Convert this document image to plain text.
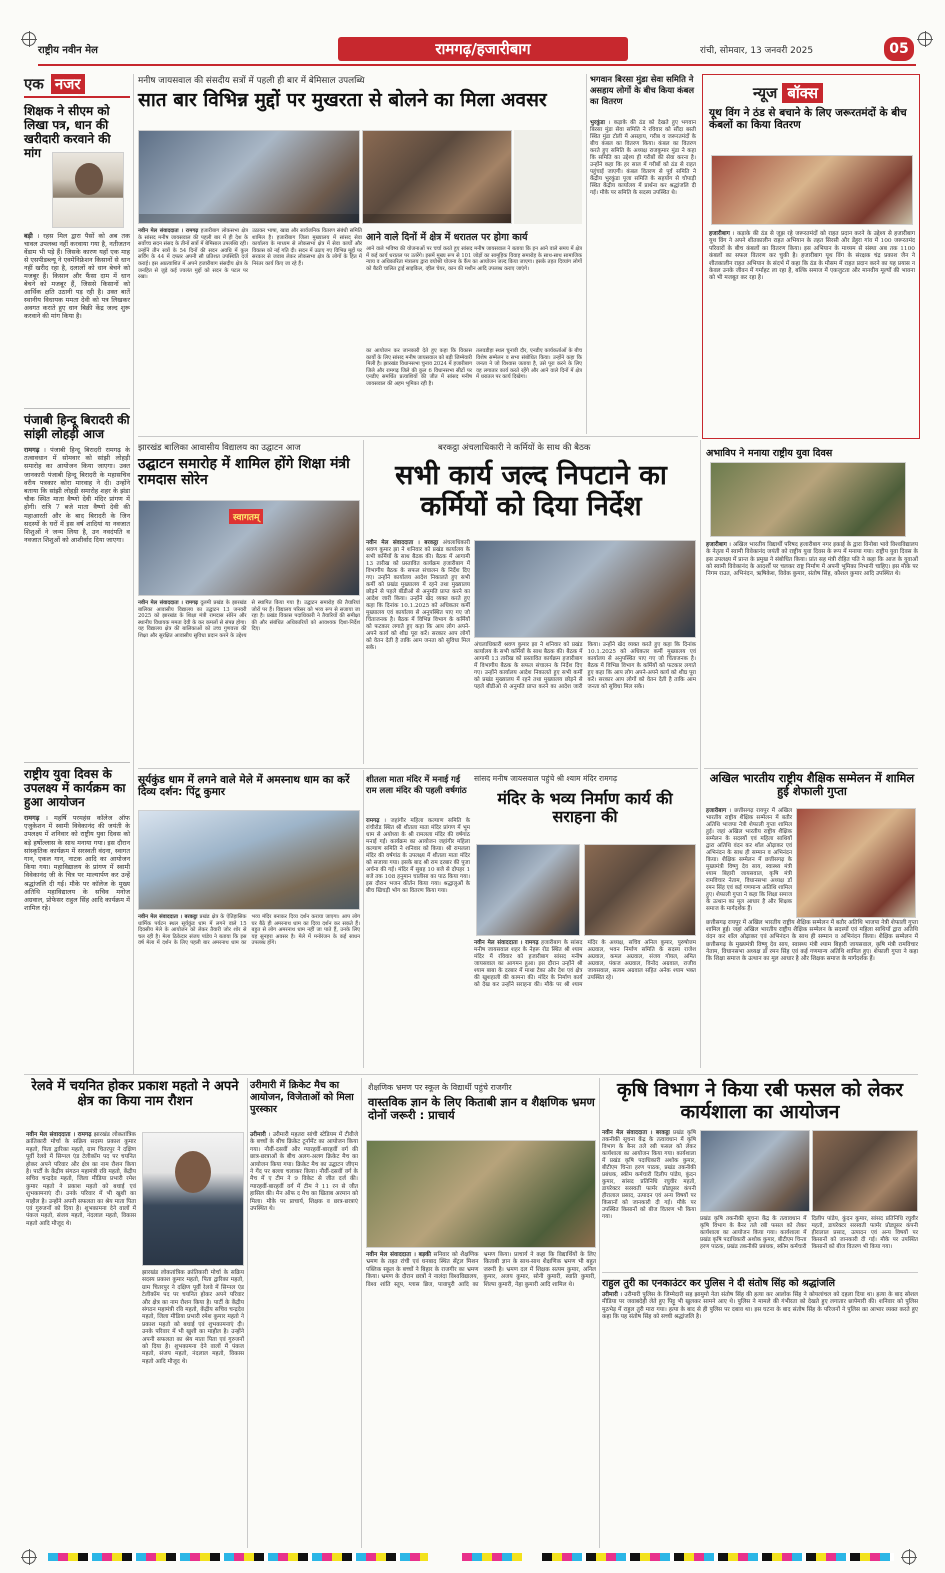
राष्ट्रीय नवीन मेल	रामगढ़/हजारीबाग	रांची, सोमवार, 13 जनवरी 2025	05
एक नजर
शिक्षक ने सीएम को लिखा पत्र, धान की खरीदारी करवाने की मांग
बड़ी । रहस मिल द्वारा पैसों को अब तक चावल उपलब्ध नहीं करवाया गया है, नतीजतन वेंडाम भी पड़े हैं। जिसके कारण यहाँ एक माह से एसपीडब्ल्यू ने एवमेनिफ्रेशन किसानों से धान नहीं खरीद रहा है, दलालों को धान बेचने को मजबूर हैं। किसान और फैंसा दाम में धान बेचने को मजबूर हैं, जिससे किसानों को आर्थिक क्षति उठानी पड़ रही है। उक्त बातें स्थानीय विधायक ममता देवी को पत्र लिखकर अवगत कराते हुए धान बिक्री केंद्र जल्द शुरू करवाने की मांग किया है।
पंजाबी हिन्दू बिरादरी की सांझी लोहड़ी आज
रामगढ़ । पंजाबी हिन्दू बिरादरी रामगढ़ के तत्वावधान में सोमवार को सांझी लोहड़ी समारोह का आयोजन किया जाएगा। उक्त जानकारी पंजाबी हिन्दू बिरादरी के महासचिव वरीय पत्रकार कोरा मारवाह ने दी। उन्होंने बताया कि सांझी लोहड़ी समारोह शहर के झंडा चौक स्थित माता वैष्णो देवी मंदिर प्रांगण में होगी। रात्रि 7 बजे माता वैष्णो देवी की महाआरती और के बाद बिरादरी के जिन सदस्यों के घरों में इस वर्ष शादियां या नवजात शिशुओं ने जन्म लिया है, उन नवदंपति व नवजात शिशुओं को आशीर्वाद दिया जाएगा।
राष्ट्रीय युवा दिवस के उपलक्ष्य में कार्यक्रम का हुआ आयोजन
रामगढ़ । महर्षि परमहंस कॉलेज ऑफ एजुकेशन में स्वामी विवेकानंद की जयंती के उपलक्ष्य में शनिवार को राष्ट्रीय युवा दिवस को बड़े हर्षोल्लास के साथ मनाया गया। इस दौरान सांस्कृतिक कार्यक्रम में सरस्वती वंदना, स्वागत गान, एकल गान, नाटक आदि का आयोजन किया गया। महाविद्यालय के प्रांगण में स्वामी विवेकानंद जी के चित्र पर माल्यार्पण कर उन्हें श्रद्धांजलि दी गई। मौके पर कॉलेज के मुख्य अतिथि महाविद्यालय के सचिव मनोज अग्रवाल, प्रोफेसर राहुल सिंह आदि कार्यक्रम में शामिल रहे।
मनीष जायसवाल की संसदीय सत्रों में पहली ही बार में बेमिसाल उपलब्धि
सात बार विभिन्न मुद्दों पर मुखरता से बोलने का मिला अवसर
नवीन मेल संवाददाता । रामगढ़ हजारीबाग लोकसभा क्षेत्र के सांसद मनीष जायसवाल की पहली बार में ही देश के सर्वोच्च सदन संसद के तीनों सत्रों में बेमिसाल उपलब्धि रही। उन्होंने तीन सत्रों के 54 दिनों की सदन अवधि में कुल सर्विंग के 44 में दफ्तर अपनी सौ प्रतिशत उपस्थिति दर्ज कराई। इस अप्रत्याशित में अपने हजारीबाग संसदीय क्षेत्र के जनहित से जुड़े कई ज्वलंत मुद्दों को सदन के पटल पर रखा।
उठाकर भाषा, खाद्य और सार्वजनिक वितरण संबंधी समिति शामिल है। हजारीबाग जिला मुख्यालय में सांसद सेवा कार्यालय के माध्यम से लोकसभा क्षेत्र में सेवा कार्यों और विकास को नई गति दी। सदन में उठाए गए विभिन्न मुद्दों पर सरकार से जवाब लेकर लोकसभा क्षेत्र के लोगों के हित में निरंतर कार्य किए जा रहे हैं।
आने वाले दिनों में क्षेत्र में धरातल पर होगा कार्य
आने वाले भविष्य की योजनाओं पर चर्चा करते हुए सांसद मनीष जायसवाल ने बताया कि इन आने वाले समय में क्षेत्र में कई कार्य धरातल पर उतरेंगे। इसमें मुख्य रूप से 101 जोड़ों का सामूहिक विवाह समारोह के साथ-साथ सामाजिक न्याय व अधिकारिता मंत्रालय द्वारा वयोश्री योजना के कैंप का आयोजन जल्द किया जाएगा। इसके तहत दिव्यांग लोगों को बैटरी चालित ट्राई साइकिल, व्हील चेयर, कान की मशीन आदि उपलब्ध कराए जाएंगे।
का आयोजन कर जानकारी देते हुए कहा कि विकास कार्यों के लिए सांसद मनीष जायसवाल को बड़ी जिम्मेवारी मिली है। झारखंड विधानसभा चुनाव 2024 में हजारीबाग जिले और रामगढ़ जिले की कुल 6 विधानसभा सीटों पर एनडीए समर्थित प्रत्याशियों की जीत में सांसद मनीष जायसवाल की अहम भूमिका रही है।
तलवडीहा स्थल चुनावी दौर, एनडीए कार्यकर्ताओं के बीच विशेष सम्मेलन व सभा संबोधित किया। उन्होंने कहा कि जनता ने जो विश्वास जताया है, उसे पूरा करने के लिए वह लगातार कार्य करते रहेंगे और आने वाले दिनों में क्षेत्र में धरातल पर कार्य दिखेगा।
भगवान बिरसा मुंडा सेवा समिति ने असहाय लोगों के बीच किया कंबल का वितरण
भुरकुंडा । कड़ाके की ठंड को देखते हुए भगवान बिरसा मुंडा सेवा समिति ने रविवार को सौंदा बस्ती स्थित मुंडा टोली में असहाय, गरीब व जरूरतमंदों के बीच कंबल का वितरण किया। कंबल का वितरण करते हुए समिति के अध्यक्ष राजकुमार मुंडा ने कहा कि समिति का उद्देश्य ही गरीबों की सेवा करना है। उन्होंने कहा कि हर साल में गरीबों को ठंड से राहत पहुंचाई जाएगी। कंबल वितरण से पूर्व समिति ने केंद्रीय भुरकुंडा पूजा समिति के सहयोग से चोपाड़ी स्थित केंद्रीय कार्यालय में प्रार्थना कर श्रद्धांजलि दी गई। मौके पर समिति के सदस्य उपस्थित थे।
न्यूज बॉक्स
यूथ विंग ने ठंड से बचाने के लिए जरूरतमंदों के बीच कंबलों का किया वितरण
हजारीबाग । कड़ाके की ठंड से जूझ रहे जरूरतमंदों को राहत प्रदान करने के उद्देश्य से हजारीबाग यूथ विंग ने अपने शीतकालीन राहत अभियान के तहत सिरसी और डेंहुरा गांव में 100 जरूरतमंद परिवारों के बीच कंबलों का वितरण किया। इस अभियान के माध्यम से संस्था अब तक 1100 कंबलों का सफल वितरण कर चुकी है। हजारीबाग यूथ विंग के संरक्षक चंद्र प्रकाश जैन ने शीतकालीन राहत अभियान के संदर्भ में कहा कि ठंड के मौसम में राहत प्रदान करने का यह प्रयास न केवल उनके जीवन में गर्माहट ला रहा है, बल्कि समाज में एकजुटता और मानवीय मूल्यों की भावना को भी मजबूत कर रहा है।
अभाविप ने मनाया राष्ट्रीय युवा दिवस
हजारीबाग । अखिल भारतीय विद्यार्थी परिषद हजारीबाग नगर इकाई के द्वारा विनोबा भावे विश्वविद्यालय के नेतृत्व में स्वामी विवेकानंद जयंती को राष्ट्रीय युवा दिवस के रूप में मनाया गया। राष्ट्रीय युवा दिवस के इस उपलक्ष्य में प्रान्त के प्रमुख ने संबोधित किया। प्रांत सह मंत्री रोहित पति ने कहा कि आज के युवाओं को स्वामी विवेकानंद के आदर्शों पर चलकर राष्ट्र निर्माण में अपनी भूमिका निभानी चाहिए। इस मौके पर निगम राउत, अभिनंदन, ऋषिकेश, विवेक कुमार, संतोष सिंह, कौशल कुमार आदि उपस्थित थे।
झारखंड बालिका आवासीय विद्यालय का उद्घाटन आज
उद्घाटन समारोह में शामिल होंगे शिक्षा मंत्री रामदास सोरेन
स्वागतम्
नवीन मेल संवाददाता । रामगढ़ दुलमी प्रखंड के झारखंड बालिका आवासीय विद्यालय का उद्घाटन 13 जनवरी 2025 को झारखंड के शिक्षा मंत्री रामदास सोरेन और स्थानीय विधायक ममता देवी के कर कमलों से संपन्न होगा। यह विद्यालय क्षेत्र की बालिकाओं को उच्च गुणवत्ता की शिक्षा और सुरक्षित आवासीय सुविधा प्रदान करने के उद्देश्य से स्थापित किया गया है। उद्घाटन समारोह की तैयारियां जोरों पर हैं। विद्यालय परिसर को भव्य रूप से सजाया जा रहा है। प्रखंड विकास पदाधिकारी ने तैयारियों की समीक्षा की और संबंधित अधिकारियों को आवश्यक दिशा-निर्देश दिए।
बरकट्ठा अंचलाधिकारी ने कर्मियों के साथ की बैठक
सभी कार्य जल्द निपटाने का कर्मियों को दिया निर्देश
नवीन मेल संवाददाता । बरकट्ठा अंचलाधिकारी श्रवण कुमार झा ने शनिवार को प्रखंड कार्यालय के सभी कर्मियों के साथ बैठक की। बैठक में आगामी 13 तारीख को प्रस्तावित कार्यक्रम हजारीबाग में विभागीय बैठक के सफल संचालन के निर्देश दिए गए। उन्होंने कार्यालय आदेश निकालते हुए सभी कर्मी को प्रखंड मुख्यालय में रहने तथा मुख्यालय छोड़ने से पहले बीडीओ से अनुमति प्राप्त करने का आदेश जारी किया। उन्होंने खेद व्यक्त करते हुए कहा कि दिनांक 10.1.2025 को अधिकतर कर्मी मुख्यालय एवं कार्यालय से अनुपस्थित पाए गए जो चिंताजनक है। बैठक में विभिन्न विभाग के कर्मियों को फटकार लगाते हुए कहा कि आप लोग अपने-अपने कार्य को शीघ्र पूरा करें। सरकार आप लोगों को वेतन देती है ताकि आम जनता को सुविधा मिल सके।	अंचलाधिकारी श्रवण कुमार झा ने शनिवार को प्रखंड कार्यालय के सभी कर्मियों के साथ बैठक की। बैठक में आगामी 13 तारीख को प्रस्तावित कार्यक्रम हजारीबाग में विभागीय बैठक के सफल संचालन के निर्देश दिए गए। उन्होंने कार्यालय आदेश निकालते हुए सभी कर्मी को प्रखंड मुख्यालय में रहने तथा मुख्यालय छोड़ने से पहले बीडीओ से अनुमति प्राप्त करने का आदेश जारी किया। उन्होंने खेद व्यक्त करते हुए कहा कि दिनांक 10.1.2025 को अधिकतर कर्मी मुख्यालय एवं कार्यालय से अनुपस्थित पाए गए जो चिंताजनक है। बैठक में विभिन्न विभाग के कर्मियों को फटकार लगाते हुए कहा कि आप लोग अपने-अपने कार्य को शीघ्र पूरा करें। सरकार आप लोगों को वेतन देती है ताकि आम जनता को सुविधा मिल सके।
सूर्यकुंड धाम में लगने वाले मेले में अमस्नाथ धाम का करें दिव्य दर्शन: पिंटू कुमार
नवीन मेल संवाददाता । बरकट्ठा प्रखंड क्षेत्र के ऐतिहासिक धार्मिक पर्यटन स्थल सूर्यकुंड धाम में लगने वाले 15 दिवसीय मेले के आयोजन को लेकर तैयारी जोर शोर से चल रही है। मेला ठिकेदार संजय पांडेय ने बताया कि इस वर्ष मेला में दर्शन के लिए पहली बार अमरनाथ धाम का भव्य मंदिर बनाकर दिव्य दर्शन कराया जाएगा। आप लोग घर बैठे ही अमरनाथ धाम का दिव्य दर्शन कर सकते हैं। बहुत से लोग अमरनाथ धाम नहीं जा पाते हैं, उनके लिए यह सुनहरा अवसर है। मेले में मनोरंजन के कई साधन उपलब्ध होंगे।
शीतला माता मंदिर में मनाई गई राम लला मंदिर की पहली वर्षगांठ
रामगढ़ । जहांगीर महिला कल्याण समिति के रांचीरोड स्थित श्री शीतला माता मंदिर प्रांगण में भूम धाम से अयोध्या के श्री रामलला मंदिर की वर्षगांठ मनाई गई। कार्यक्रम का आयोजन जहांगीर महिला कल्याण समिति ने शनिवार को किया। श्री रामलला मंदिर की वर्षगांठ के उपलक्ष्य में शीतला माता मंदिर को सजाया गया। इसके बाद श्री राम दरबार की पूजा अर्चना की गई। मंदिर में सुबह 10 बजे से दोपहर 1 बजे तक 108 हनुमान चालीसा का पाठ किया गया। इस दौरान भजन कीर्तन किया गया। श्रद्धालुओं के बीच खिचड़ी भोग का वितरण किया गया।
सांसद मनीष जायसवाल पहुंचे श्री श्याम मंदिर रामगढ़
मंदिर के भव्य निर्माण कार्य की सराहना की
नवीन मेल संवाददाता । रामगढ़ हजारीबाग के सांसद मनीष जायसवाल शहर के नेहरू रोड स्थित श्री श्याम मंदिर में रविवार को हजारीबाग सांसद मनीष जायसवाल का आगमन हुआ। इस दौरान उन्होंने श्री श्याम बाबा के दरबार में माथा टेका और देश एवं क्षेत्र की खुशहाली की कामना की। मंदिर के निर्माण कार्य को देख कर उन्होंने सराहना की। मौके पर श्री श्याम मंदिर के अध्यक्ष, सचिव अनिल कुमार, पुरुषोत्तम अग्रवाल, भवन निर्माण समिति के सदस्य राजेश अग्रवाल, कमल अग्रवाल, संजय गोयल, अमित अग्रवाल, पंकज अग्रवाल, विनोद अग्रवाल, राजीव जायसवाल, सत्यम अग्रवाल सहित अनेक श्याम भक्त उपस्थित रहे।
अखिल भारतीय राष्ट्रीय शैक्षिक सम्मेलन में शामिल हुई शेफाली गुप्ता
हजारीबाग । छत्तीसगढ़ रायपुर में अखिल भारतीय राष्ट्रीय शैक्षिक सम्मेलन में बतौर अतिथि भाजपा नेत्री शेफाली गुप्ता शामिल हुई। जहां अखिल भारतीय राष्ट्रीय शैक्षिक सम्मेलन के सदस्यों एवं महिला साथियों द्वारा अतिथि वंदन कर शॉल ओढ़ाकर एवं अभिनंदन के साथ ही सम्मान व अभिनंदन किया। शैक्षिक सम्मेलन में छत्तीसगढ़ के मुख्यमंत्री विष्णु देव साय, स्वास्थ्य मंत्री श्याम बिहारी जायसवाल, कृषि मंत्री रामविचार नेताम, विधानसभा अध्यक्ष डॉ रमन सिंह एवं कई गणमान्य अतिथि शामिल हुए। शेफाली गुप्ता ने कहा कि शिक्षा समाज के उत्थान का मूल आधार है और शिक्षक समाज के मार्गदर्शक हैं।
छत्तीसगढ़ रायपुर में अखिल भारतीय राष्ट्रीय शैक्षिक सम्मेलन में बतौर अतिथि भाजपा नेत्री शेफाली गुप्ता शामिल हुई। जहां अखिल भारतीय राष्ट्रीय शैक्षिक सम्मेलन के सदस्यों एवं महिला साथियों द्वारा अतिथि वंदन कर शॉल ओढ़ाकर एवं अभिनंदन के साथ ही सम्मान व अभिनंदन किया। शैक्षिक सम्मेलन में छत्तीसगढ़ के मुख्यमंत्री विष्णु देव साय, स्वास्थ्य मंत्री श्याम बिहारी जायसवाल, कृषि मंत्री रामविचार नेताम, विधानसभा अध्यक्ष डॉ रमन सिंह एवं कई गणमान्य अतिथि शामिल हुए। शेफाली गुप्ता ने कहा कि शिक्षा समाज के उत्थान का मूल आधार है और शिक्षक समाज के मार्गदर्शक हैं।
रेलवे में चयनित होकर प्रकाश महतो ने अपने क्षेत्र का किया नाम रौशन
नवीन मेल संवाददाता । रामगढ़ झारखंड लोकतांत्रिक क्रांतिकारी मोर्चा के सक्रिय सदस्य प्रकाश कुमार महतो, पिता द्वारिका महतो, ग्राम चितरपुर ने दक्षिण पूर्वी रेलवे में सिग्नल एंड टेलीकॉम पद पर चयनित होकर अपने परिवार और क्षेत्र का नाम रौशन किया है। पार्टी के केंद्रीय संगठन महामंत्री रवि महतो, केंद्रीय सचिव चन्द्रदेव महतो, जिला मीडिया प्रभारी रमेश कुमार महतो ने प्रकाश महतो को बधाई एवं शुभकामनाएं दी। उनके परिवार में भी खुशी का माहौल है। उन्होंने अपनी सफलता का श्रेय माता पिता एवं गुरुजनों को दिया है। शुभकामना देने वालों में पंकज महतो, संजय महतो, नंदलाल महतो, विकास महतो आदि मौजूद थे।
झारखंड लोकतांत्रिक क्रांतिकारी मोर्चा के सक्रिय सदस्य प्रकाश कुमार महतो, पिता द्वारिका महतो, ग्राम चितरपुर ने दक्षिण पूर्वी रेलवे में सिग्नल एंड टेलीकॉम पद पर चयनित होकर अपने परिवार और क्षेत्र का नाम रौशन किया है। पार्टी के केंद्रीय संगठन महामंत्री रवि महतो, केंद्रीय सचिव चन्द्रदेव महतो, जिला मीडिया प्रभारी रमेश कुमार महतो ने प्रकाश महतो को बधाई एवं शुभकामनाएं दी। उनके परिवार में भी खुशी का माहौल है। उन्होंने अपनी सफलता का श्रेय माता पिता एवं गुरुजनों को दिया है। शुभकामना देने वालों में पंकज महतो, संजय महतो, नंदलाल महतो, विकास महतो आदि मौजूद थे।
उरीमारी में क्रिकेट मैच का आयोजन, विजेताओं को मिला पुरस्कार
उरीमारी । उरीमारी महतरा सांची स्टेडियम में टीवीजे के बच्चों के बीच क्रिकेट टूर्नामेंट का आयोजन किया गया। नौवीं-दसवीं और ग्यारहवीं-बारहवीं वर्ग की छात्र-छात्राओं के बीच अलग-अलग क्रिकेट मैच का आयोजन किया गया। क्रिकेट मैच का उद्घाटन जीएम ने गेंद पर बल्ला चलाकर किया। नौवीं-दसवीं वर्ग के मैच में ए टीम ने 9 विकेट से जीत दर्ज की। ग्यारहवीं-बारहवीं वर्ग में टीम ने 11 रन से जीत हासिल की। मैन ऑफ द मैच का खिताब अरमान को मिला। मौके पर प्राचार्य, शिक्षक व छात्र-छात्राएं उपस्थित थे।
शैक्षणिक भ्रमण पर स्कूल के विद्यार्थी पहुंचे राजगीर
वास्तविक ज्ञान के लिए किताबी ज्ञान व शैक्षणिक भ्रमण दोनों जरूरी : प्राचार्य
नवीन मेल संवाददाता । बड़की सनिवार को शैक्षणिक भ्रमण के तहत रांची एवं धनबाद स्थित सेंट्रल मिशन पब्लिक स्कूल के बच्चों ने बिहार के राजगीर का भ्रमण किया। भ्रमण के दौरान छात्रों ने नालंदा विश्वविद्यालय, विश्व शांति स्तूप, ग्लास ब्रिज, पावापुरी आदि का भ्रमण किया। प्राचार्य ने कहा कि विद्यार्थियों के लिए किताबी ज्ञान के साथ-साथ शैक्षणिक भ्रमण भी बहुत जरूरी है। भ्रमण दल में शिक्षक सत्यम कुमार, अनिल कुमार, अजय कुमार, सोनी कुमारी, स्वाति कुमारी, शिल्पा कुमारी, नेहा कुमारी आदि शामिल थे।
कृषि विभाग ने किया रबी फसल को लेकर कार्यशाला का आयोजन
नवीन मेल संवाददाता । बरकट्ठा प्रखंड कृषि तकनीकी सूचना केंद्र के तत्वावधान में कृषि विभाग के बैनर तले रबी फसल को लेकर कार्यशाला का आयोजन किया गया। कार्यशाला में प्रखंड कृषि पदाधिकारी अशोक कुमार, बीटीएम चिन्ता हरण पाठक, प्रखंड तकनीकी प्रबंधक, स्कीम कर्मचारी दिलीप पांडेय, कुंदन कुमार, सांसद प्रतिनिधि रघुवीर महतो, डायरेक्टर सरस्वती फार्मर प्रोड्यूसर कंपनी हीरालाल प्रसाद, उत्पादन एवं अन्य विषयों पर किसानों को जानकारी दी गई। मौके पर उपस्थित किसानों को बीज वितरण भी किया गया।	प्रखंड कृषि तकनीकी सूचना केंद्र के तत्वावधान में कृषि विभाग के बैनर तले रबी फसल को लेकर कार्यशाला का आयोजन किया गया। कार्यशाला में प्रखंड कृषि पदाधिकारी अशोक कुमार, बीटीएम चिन्ता हरण पाठक, प्रखंड तकनीकी प्रबंधक, स्कीम कर्मचारी दिलीप पांडेय, कुंदन कुमार, सांसद प्रतिनिधि रघुवीर महतो, डायरेक्टर सरस्वती फार्मर प्रोड्यूसर कंपनी हीरालाल प्रसाद, उत्पादन एवं अन्य विषयों पर किसानों को जानकारी दी गई। मौके पर उपस्थित किसानों को बीज वितरण भी किया गया।
राहुल तुरी का एनकाउंटर कर पुलिस ने दी संतोष सिंह को श्रद्धांजलि
उरीमारी । उरीमारी पुलिस के जिम्मेदारी सह झामुमो नेता संतोष सिंह की हत्या कर आलोक सिंह ने कोयलांचल को दहला दिया था। हत्या के बाद सोशल मीडिया पर जवाबदेही लेते हुए पिट्टू भी खुलकर सामने आए थे। पुलिस ने मामले की गंभीरता को देखते हुए लगातार छापेमारी की। शनिवार को पुलिस मुठभेड़ में राहुल तुरी मारा गया। हत्या के बाद से ही पुलिस पर दबाव था। इस घटना के बाद संतोष सिंह के परिजनों ने पुलिस का आभार व्यक्त करते हुए कहा कि यह संतोष सिंह को सच्ची श्रद्धांजलि है।
